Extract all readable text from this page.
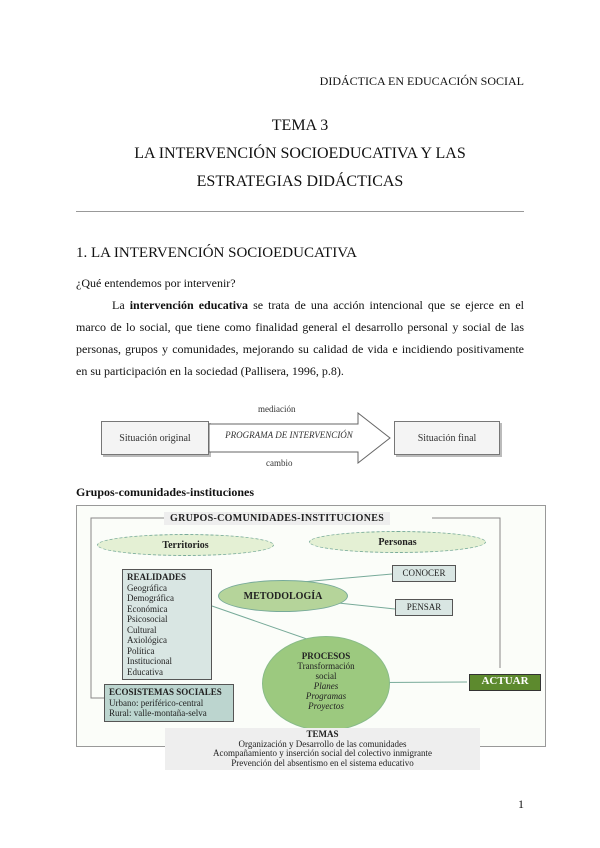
DIDÁCTICA EN EDUCACIÓN SOCIAL
TEMA 3
LA INTERVENCIÓN SOCIOEDUCATIVA Y LAS
ESTRATEGIAS DIDÁCTICAS
1. LA INTERVENCIÓN SOCIOEDUCATIVA
¿Qué entendemos por intervenir?
La intervención educativa se trata de una acción intencional que se ejerce en el marco de lo social, que tiene como finalidad general el desarrollo personal y social de las personas, grupos y comunidades, mejorando su calidad de vida e incidiendo positivamente en su participación en la sociedad (Pallisera, 1996, p.8).
mediación
Situación original	PROGRAMA DE INTERVENCIÓN	Situación final
cambio
Grupos-comunidades-instituciones
GRUPOS-COMUNIDADES-INSTITUCIONES
Territorios	Personas
REALIDADES
Geográfica
Demográfica
Económica
Psicosocial
Cultural
Axiológica
Política
Institucional
Educativa
METODOLOGÍA
CONOCER
PENSAR
PROCESOS
Transformación
social
Planes
Programas
Proyectos
ACTUAR
ECOSISTEMAS SOCIALES
Urbano: periférico-central
Rural: valle-montaña-selva
TEMAS
Organización y Desarrollo de las comunidades
Acompañamiento y inserción social del colectivo inmigrante
Prevención del absentismo en el sistema educativo
1
